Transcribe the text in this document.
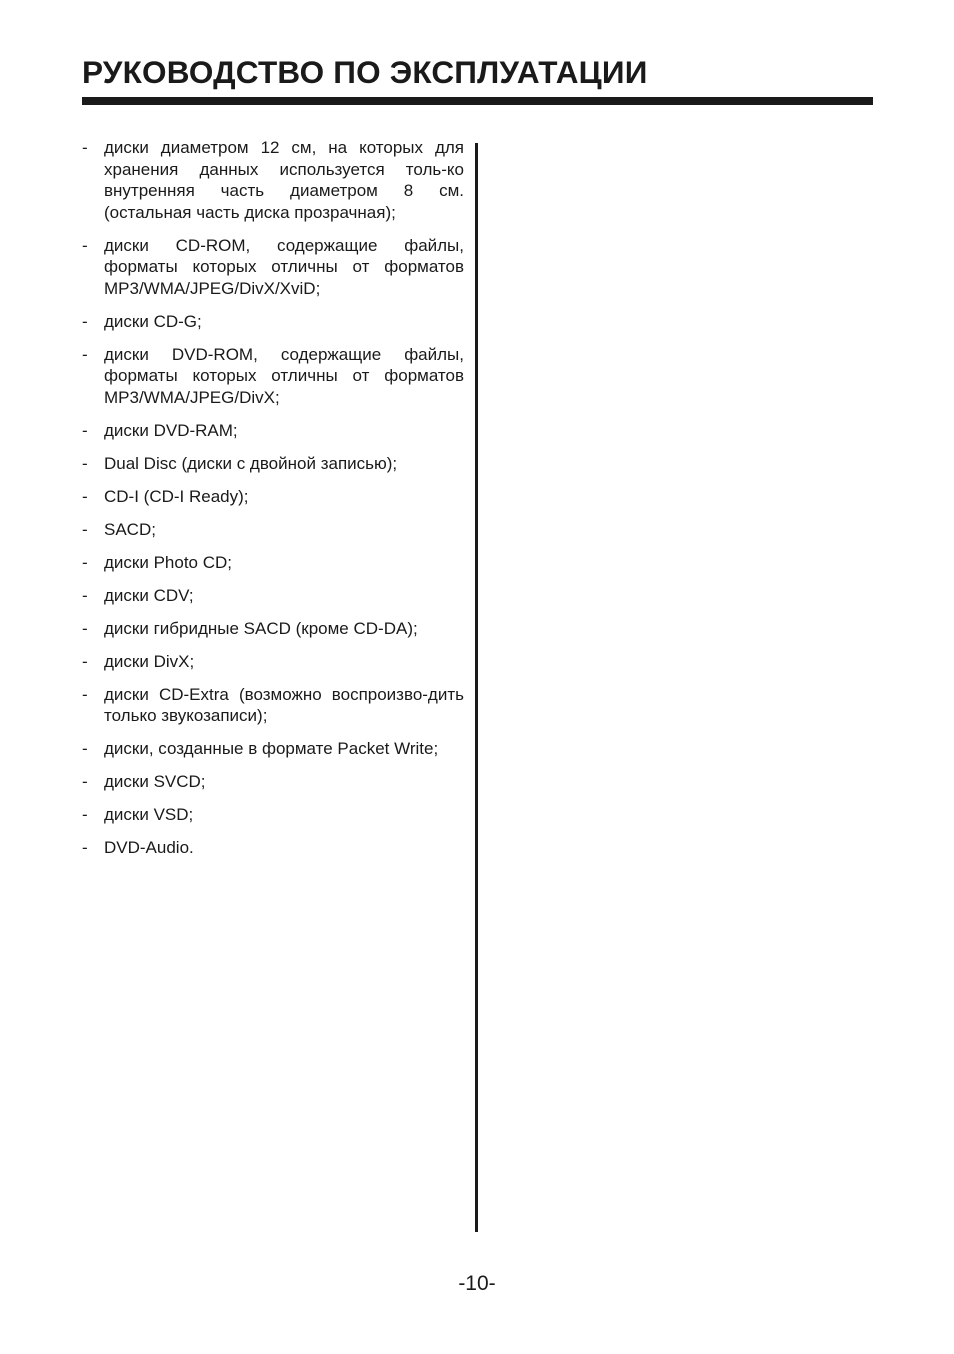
РУКОВОДСТВО ПО ЭКСПЛУАТАЦИИ
- диски диаметром 12 см, на которых для хранения данных используется толь-ко внутренняя часть диаметром 8 см. (остальная часть диска прозрачная);
- диски CD-ROM, содержащие файлы, форматы которых отличны от форматов MP3/WMA/JPEG/DivX/XviD;
- диски CD-G;
- диски DVD-ROM, содержащие файлы, форматы которых отличны от форматов MP3/WMA/JPEG/DivX;
- диски DVD-RAM;
- Dual Disc (диски с двойной записью);
- CD-I (CD-I Ready);
- SACD;
- диски Photo CD;
- диски CDV;
- диски гибридные SACD (кроме CD-DA);
- диски DivX;
- диски CD-Extra (возможно воспроизво-дить только звукозаписи);
- диски, созданные в формате Packet Write;
- диски SVCD;
- диски VSD;
- DVD-Audio.
-10-
